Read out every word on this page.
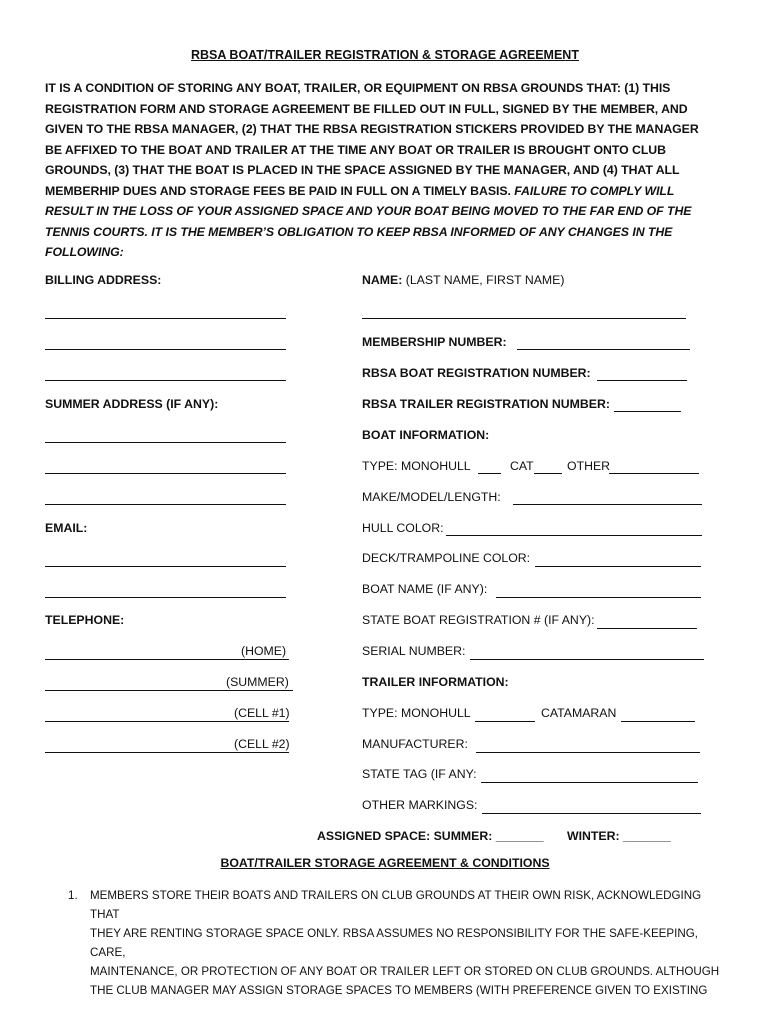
RBSA BOAT/TRAILER REGISTRATION & STORAGE AGREEMENT
IT IS A CONDITION OF STORING ANY BOAT, TRAILER, OR EQUIPMENT ON RBSA GROUNDS THAT: (1) THIS
REGISTRATION FORM AND STORAGE AGREEMENT BE FILLED OUT IN FULL, SIGNED BY THE MEMBER, AND
GIVEN TO THE RBSA MANAGER, (2) THAT THE RBSA REGISTRATION STICKERS PROVIDED BY THE MANAGER
BE AFFIXED TO THE BOAT AND TRAILER AT THE TIME ANY BOAT OR TRAILER IS BROUGHT ONTO CLUB
GROUNDS, (3) THAT THE BOAT IS PLACED IN THE SPACE ASSIGNED BY THE MANAGER, AND (4) THAT ALL
MEMBERHIP DUES AND STORAGE FEES BE PAID IN FULL ON A TIMELY BASIS. FAILURE TO COMPLY WILL
RESULT IN THE LOSS OF YOUR ASSIGNED SPACE AND YOUR BOAT BEING MOVED TO THE FAR END OF THE
TENNIS COURTS. IT IS THE MEMBER’S OBLIGATION TO KEEP RBSA INFORMED OF ANY CHANGES IN THE
FOLLOWING:
BILLING ADDRESS:
SUMMER ADDRESS (IF ANY):
EMAIL:
TELEPHONE:
(HOME)
(SUMMER)
(CELL #1)
(CELL #2)
NAME: (LAST NAME, FIRST NAME)
MEMBERSHIP NUMBER:
RBSA BOAT REGISTRATION NUMBER:
RBSA TRAILER REGISTRATION NUMBER:
BOAT INFORMATION:
TYPE: MONOHULL	CAT	OTHER
MAKE/MODEL/LENGTH:
HULL COLOR:
DECK/TRAMPOLINE COLOR:
BOAT NAME (IF ANY):
STATE BOAT REGISTRATION # (IF ANY):
SERIAL NUMBER:
TRAILER INFORMATION:
TYPE: MONOHULL	CATAMARAN
MANUFACTURER:
STATE TAG (IF ANY:
OTHER MARKINGS:
ASSIGNED SPACE: SUMMER: _______ WINTER: _______
BOAT/TRAILER STORAGE AGREEMENT & CONDITIONS
1. MEMBERS STORE THEIR BOATS AND TRAILERS ON CLUB GROUNDS AT THEIR OWN RISK, ACKNOWLEDGING THAT
THEY ARE RENTING STORAGE SPACE ONLY. RBSA ASSUMES NO RESPONSIBILITY FOR THE SAFE-KEEPING, CARE,
MAINTENANCE, OR PROTECTION OF ANY BOAT OR TRAILER LEFT OR STORED ON CLUB GROUNDS. ALTHOUGH
THE CLUB MANAGER MAY ASSIGN STORAGE SPACES TO MEMBERS (WITH PREFERENCE GIVEN TO EXISTING
